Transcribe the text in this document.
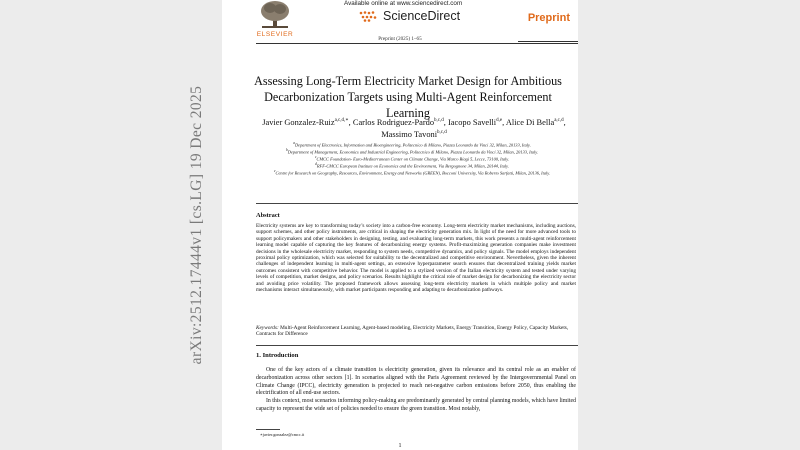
arXiv:2512.17444v1 [cs.LG] 19 Dec 2025
ELSEVIER
Available online at www.sciencedirect.com
ScienceDirect	Preprint
Preprint (2025) 1–65
Assessing Long-Term Electricity Market Design for Ambitious Decarbonization Targets using Multi-Agent Reinforcement Learning
Javier Gonzalez-Ruiz$^{a,c,d,∗}$, Carlos Rodriguez-Pardo$^{b,c,d}$, Iacopo Savelli$^{d,e}$, Alice Di Bella$^{a,c,d}$, Massimo Tavoni$^{b,c,d}$

$^a$Department of Electronics, Information and Bioengineering, Politecnico di Milano, Piazza Leonardo da Vinci 32, Milan, 20133, Italy.

$^b$Department of Management, Economics and Industrial Engineering, Politecnico di Milano, Piazza Leonardo da Vinci 32, Milan, 20133, Italy.

$^c$CMCC Foundation- Euro-Mediterranean Center on Climate Change, Via Marco Biagi 5, Lecce, 73100, Italy.

$^d$RFF-CMCC European Institute on Economics and the Environment, Via Bergognone 34, Milan, 20144, Italy.

$^e$Centre for Research on Geography, Resources, Environment, Energy and Networks (GREEN), Bocconi University, Via Roberto Sarfatti, Milan, 20136, Italy.

Abstract
Electricity systems are key to transforming today’s society into a carbon-free economy. Long-term electricity market mechanisms, including auctions, support schemes, and other policy instruments, are critical in shaping the electricity generation mix. In light of the need for more advanced tools to support policymakers and other stakeholders in designing, testing, and evaluating long-term markets, this work presents a multi-agent reinforcement learning model capable of capturing the key features of decarbonizing energy systems. Profit-maximizing generation companies make investment decisions in the wholesale electricity market, responding to system needs, competitive dynamics, and policy signals. The model employs independent proximal policy optimization, which was selected for suitability to the decentralized and competitive environment. Nevertheless, given the inherent challenges of independent learning in multi-agent settings, an extensive hyperparameter search ensures that decentralized training yields market outcomes consistent with competitive behavior. The model is applied to a stylized version of the Italian electricity system and tested under varying levels of competition, market designs, and policy scenarios. Results highlight the critical role of market design for decarbonizing the electricity sector and avoiding price volatility. The proposed framework allows assessing long-term electricity markets in which multiple policy and market mechanisms interact simultaneously, with market participants responding and adapting to decarbonization pathways.
Keywords: Multi-Agent Reinforcement Learning, Agent-based modeling, Electricity Markets, Energy Transition, Energy Policy, Capacity Markets, Contracts for Difference
1. Introduction

One of the key actors of a climate transition is electricity generation, given its relevance and its central role as an enabler of decarbonization across other sectors [1]. In scenarios aligned with the Paris Agreement reviewed by the Intergovernmental Panel on Climate Change (IPCC), electricity generation is projected to reach net-negative carbon emissions before 2050, thus enabling the electrification of all end-use sectors.

In this context, most scenarios informing policy-making are predominantly generated by central planning models, which have limited capacity to represent the wide set of policies needed to ensure the green transition. Most notably,

∗javier.gonzalez@cmcc.it
1
